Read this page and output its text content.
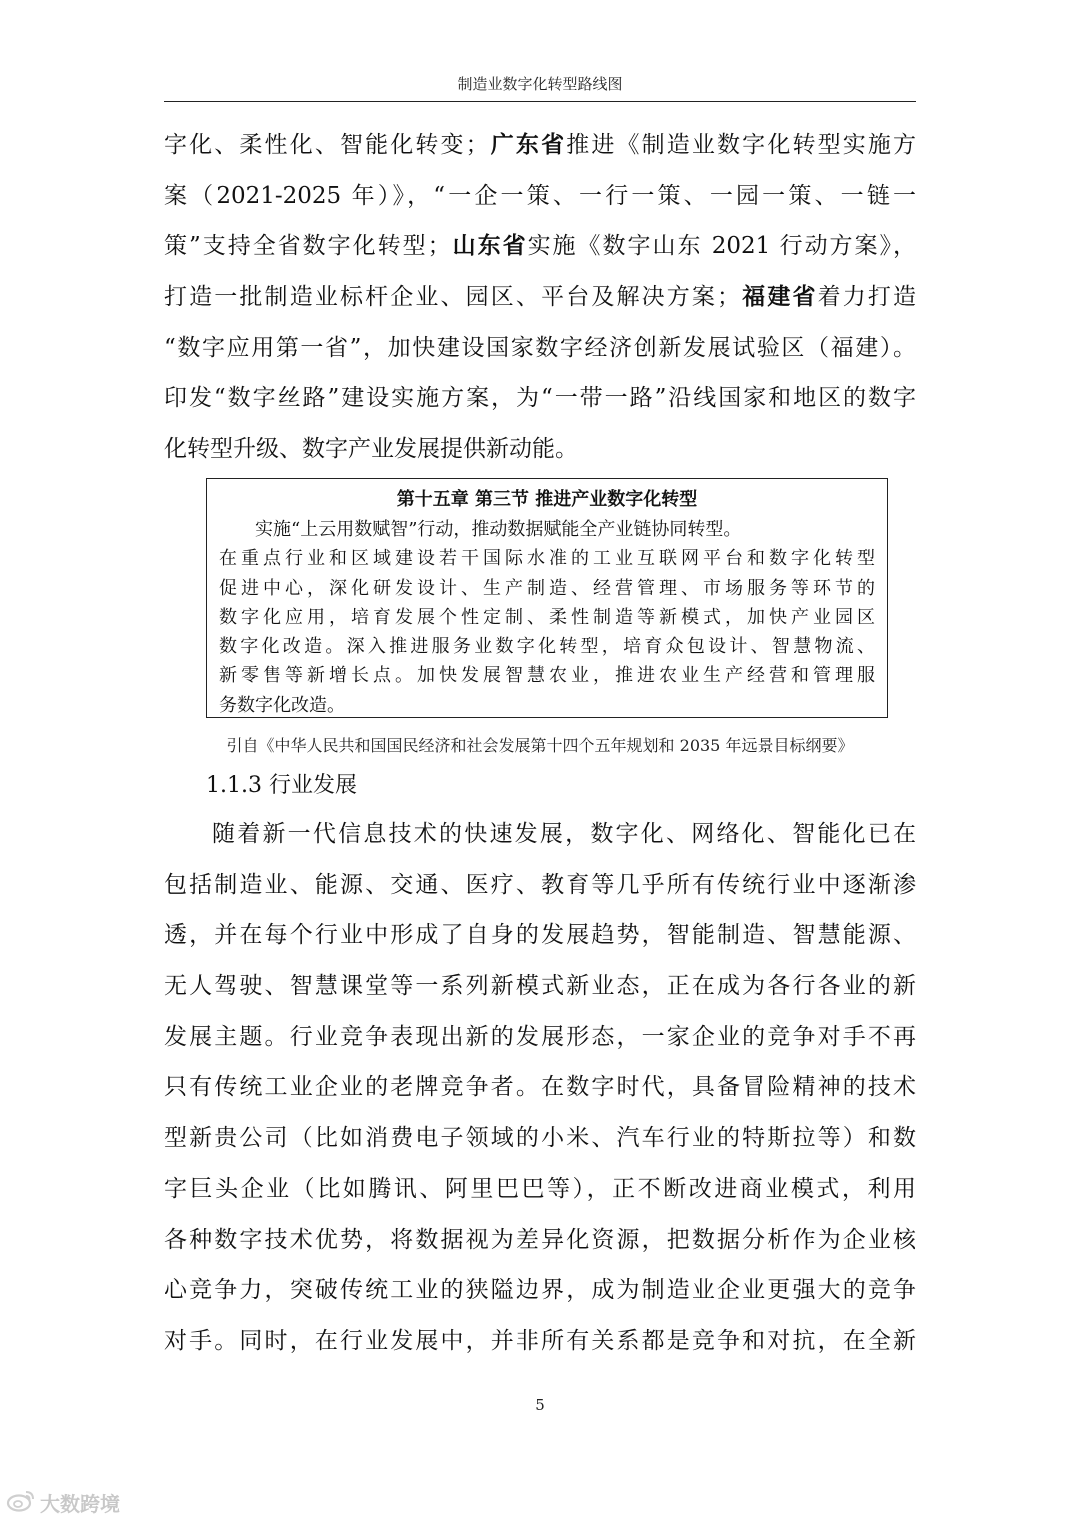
制造业数字化转型路线图
字化、柔性化、智能化转变；广东省推进《制造业数字化转型实施方
案（2021-2025 年）》，“一企一策、一行一策、一园一策、一链一
策”支持全省数字化转型；山东省实施《数字山东 2021 行动方案》，
打造一批制造业标杆企业、园区、平台及解决方案；福建省着力打造
“数字应用第一省”，加快建设国家数字经济创新发展试验区（福建）。
印发“数字丝路”建设实施方案，为“一带一路”沿线国家和地区的数字
化转型升级、数字产业发展提供新动能。
第十五章 第三节 推进产业数字化转型
实施“上云用数赋智”行动，推动数据赋能全产业链协同转型。
在重点行业和区域建设若干国际水准的工业互联网平台和数字化转型
促进中心，深化研发设计、生产制造、经营管理、市场服务等环节的
数字化应用，培育发展个性定制、柔性制造等新模式，加快产业园区
数字化改造。深入推进服务业数字化转型，培育众包设计、智慧物流、
新零售等新增长点。加快发展智慧农业，推进农业生产经营和管理服
务数字化改造。
引自《中华人民共和国国民经济和社会发展第十四个五年规划和 2035 年远景目标纲要》
1.1.3 行业发展
随着新一代信息技术的快速发展，数字化、网络化、智能化已在
包括制造业、能源、交通、医疗、教育等几乎所有传统行业中逐渐渗
透，并在每个行业中形成了自身的发展趋势，智能制造、智慧能源、
无人驾驶、智慧课堂等一系列新模式新业态，正在成为各行各业的新
发展主题。行业竞争表现出新的发展形态，一家企业的竞争对手不再
只有传统工业企业的老牌竞争者。在数字时代，具备冒险精神的技术
型新贵公司（比如消费电子领域的小米、汽车行业的特斯拉等）和数
字巨头企业（比如腾讯、阿里巴巴等），正不断改进商业模式，利用
各种数字技术优势，将数据视为差异化资源，把数据分析作为企业核
心竞争力，突破传统工业的狭隘边界，成为制造业企业更强大的竞争
对手。同时，在行业发展中，并非所有关系都是竞争和对抗，在全新
5
大数跨境
